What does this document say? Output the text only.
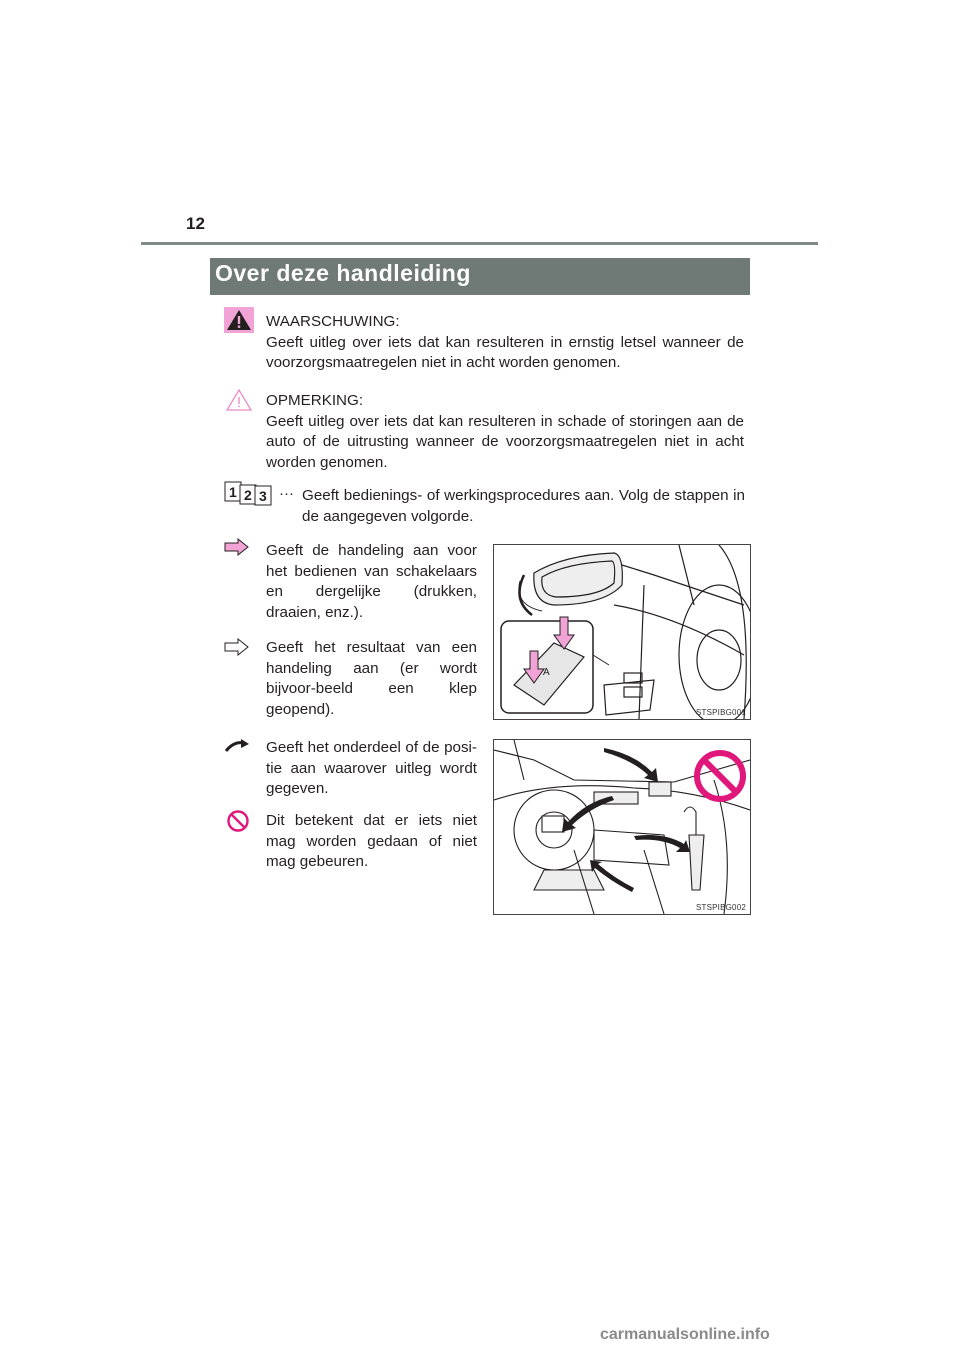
12
Over deze handleiding
WAARSCHUWING:
Geeft uitleg over iets dat kan resulteren in ernstig letsel wanneer de voorzorgsmaatregelen niet in acht worden genomen.
OPMERKING:
Geeft uitleg over iets dat kan resulteren in schade of storingen aan de auto of de uitrusting wanneer de voorzorgsmaatregelen niet in acht worden genomen.
1 2 3 ··· Geeft bedienings- of werkingsprocedures aan. Volg de stappen in de aangegeven volgorde.
Geeft de handeling aan voor het bedienen van schakelaars en dergelijke (drukken, draaien, enz.).
Geeft het resultaat van een handeling aan (er wordt bijvoor-beeld een klep geopend).
A
STSPIBG001
Geeft het onderdeel of de posi-tie aan waarover uitleg wordt gegeven.
Dit betekent dat er iets niet mag worden gedaan of niet mag gebeuren.
STSPIBG002
carmanualsonline.info
